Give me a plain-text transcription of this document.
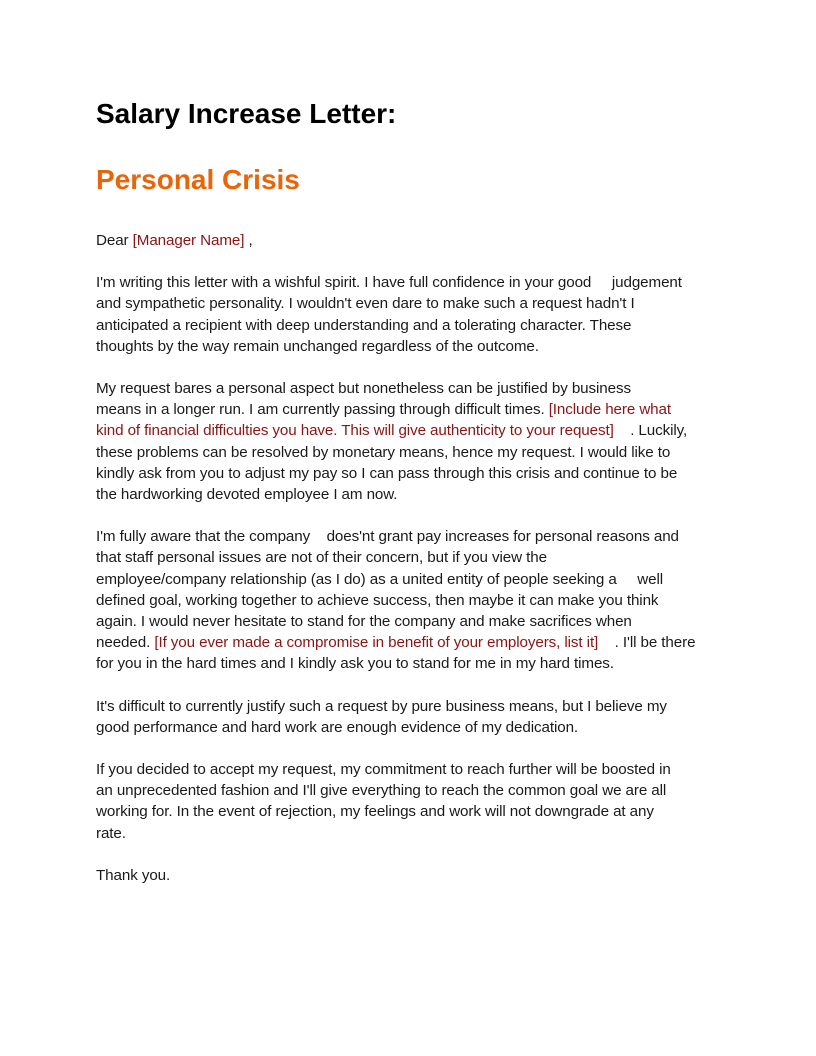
Salary Increase Letter:
Personal Crisis

Dear [Manager Name] ,

I'm writing this letter with a wishful spirit. I have full confidence in your good     judgement
and sympathetic personality. I wouldn't even dare to make such a request hadn't I
anticipated a recipient with deep understanding and a tolerating character. These
thoughts by the way remain unchanged regardless of the outcome.

My request bares a personal aspect but nonetheless can be justified by business
means in a longer run. I am currently passing through difficult times. [Include here what
kind of financial difficulties you have. This will give authenticity to your request]    . Luckily,
these problems can be resolved by monetary means, hence my request. I would like to
kindly ask from you to adjust my pay so I can pass through this crisis and continue to be
the hardworking devoted employee I am now.

I'm fully aware that the company    does'nt grant pay increases for personal reasons and
that staff personal issues are not of their concern, but if you view the
employee/company relationship (as I do) as a united entity of people seeking a     well
defined goal, working together to achieve success, then maybe it can make you think
again. I would never hesitate to stand for the company and make sacrifices when
needed. [If you ever made a compromise in benefit of your employers, list it]    . I'll be there
for you in the hard times and I kindly ask you to stand for me in my hard times.

It's difficult to currently justify such a request by pure business means, but I believe my
good performance and hard work are enough evidence of my dedication.

If you decided to accept my request, my commitment to reach further will be boosted in
an unprecedented fashion and I'll give everything to reach the common goal we are all
working for. In the event of rejection, my feelings and work will not downgrade at any
rate.

Thank you.
